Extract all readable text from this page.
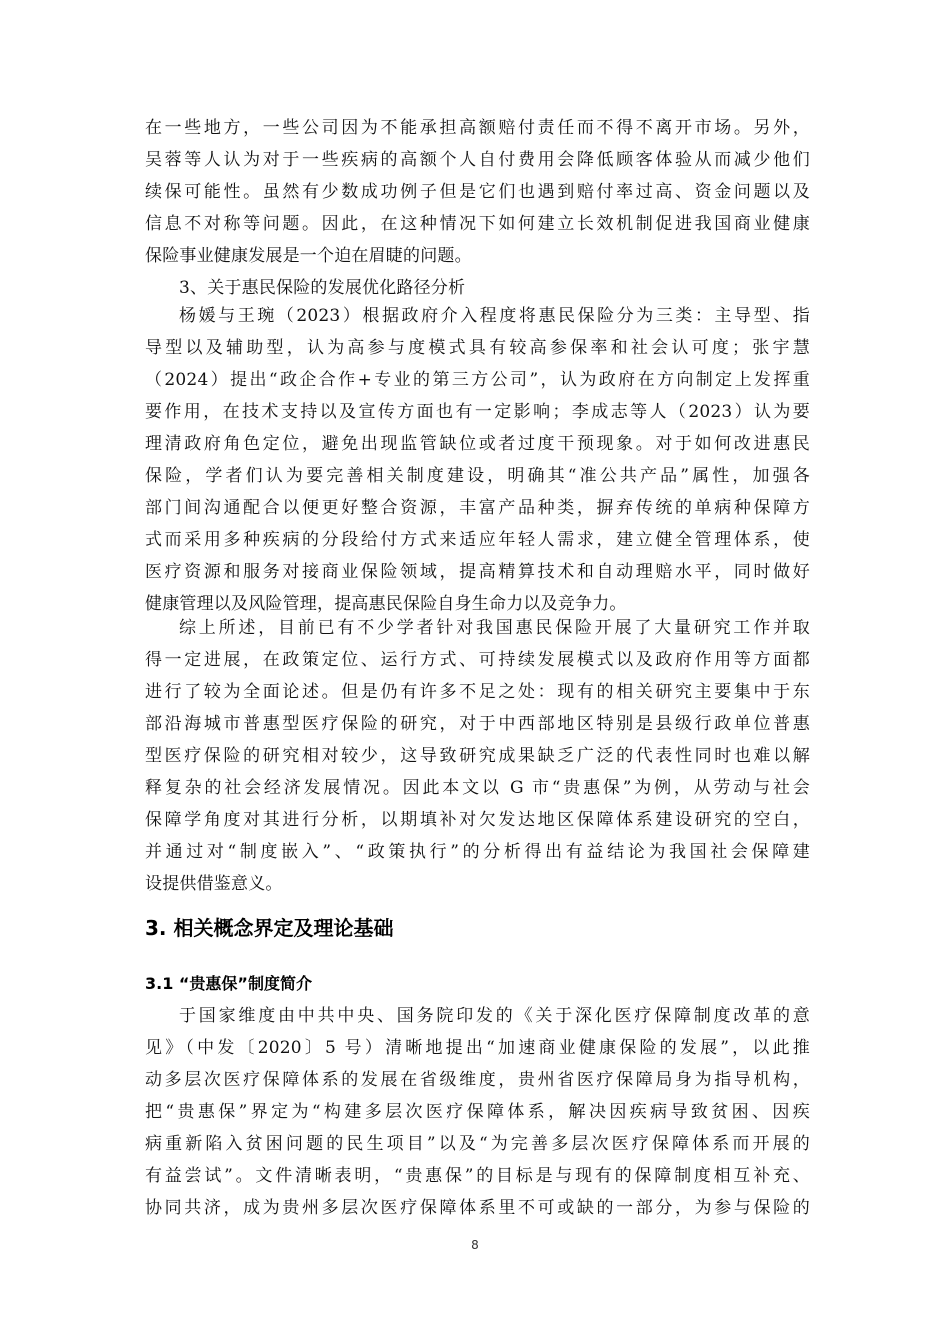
在一些地方，一些公司因为不能承担高额赔付责任而不得不离开市场。另外，
吴蓉等人认为对于一些疾病的高额个人自付费用会降低顾客体验从而减少他们
续保可能性。虽然有少数成功例子但是它们也遇到赔付率过高、资金问题以及
信息不对称等问题。因此，在这种情况下如何建立长效机制促进我国商业健康
保险事业健康发展是一个迫在眉睫的问题。
3、关于惠民保险的发展优化路径分析
杨媛与王琬（2023）根据政府介入程度将惠民保险分为三类：主导型、指
导型以及辅助型，认为高参与度模式具有较高参保率和社会认可度；张宇慧
（2024）提出“政企合作+专业的第三方公司”，认为政府在方向制定上发挥重
要作用，在技术支持以及宣传方面也有一定影响；李成志等人（2023）认为要
理清政府角色定位，避免出现监管缺位或者过度干预现象。对于如何改进惠民
保险，学者们认为要完善相关制度建设，明确其“准公共产品”属性，加强各
部门间沟通配合以便更好整合资源，丰富产品种类，摒弃传统的单病种保障方
式而采用多种疾病的分段给付方式来适应年轻人需求，建立健全管理体系，使
医疗资源和服务对接商业保险领域，提高精算技术和自动理赔水平，同时做好
健康管理以及风险管理，提高惠民保险自身生命力以及竞争力。
综上所述，目前已有不少学者针对我国惠民保险开展了大量研究工作并取
得一定进展，在政策定位、运行方式、可持续发展模式以及政府作用等方面都
进行了较为全面论述。但是仍有许多不足之处：现有的相关研究主要集中于东
部沿海城市普惠型医疗保险的研究，对于中西部地区特别是县级行政单位普惠
型医疗保险的研究相对较少，这导致研究成果缺乏广泛的代表性同时也难以解
释复杂的社会经济发展情况。因此本文以 G 市“贵惠保”为例，从劳动与社会
保障学角度对其进行分析，以期填补对欠发达地区保障体系建设研究的空白，
并通过对“制度嵌入”、“政策执行”的分析得出有益结论为我国社会保障建
设提供借鉴意义。
3. 相关概念界定及理论基础
3.1 “贵惠保”制度简介
于国家维度由中共中央、国务院印发的《关于深化医疗保障制度改革的意
见》（中发〔2020〕5 号）清晰地提出“加速商业健康保险的发展”，以此推
动多层次医疗保障体系的发展在省级维度，贵州省医疗保障局身为指导机构，
把“贵惠保”界定为“构建多层次医疗保障体系，解决因疾病导致贫困、因疾
病重新陷入贫困问题的民生项目”以及“为完善多层次医疗保障体系而开展的
有益尝试”。文件清晰表明，“贵惠保”的目标是与现有的保障制度相互补充、
协同共济，成为贵州多层次医疗保障体系里不可或缺的一部分，为参与保险的
8
